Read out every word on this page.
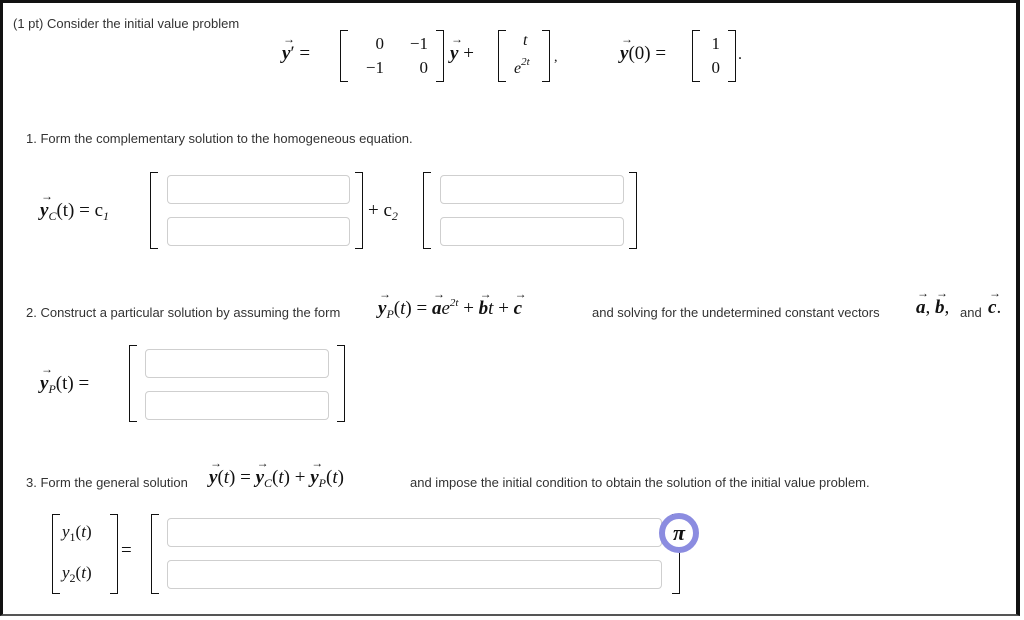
(1 pt) Consider the initial value problem
→ y′ =	0	−1
−1	0
→ y +
t
$e^{2t}$ ,	→ y(0) =	1
0
.
1. Form the complementary solution to the homogeneous equation.
→ $y_C(t) = c_1$	+ $c_2$
2. Construct a particular solution by assuming the form → $y_P(t)$ = → $ae^{2t}$ + → bt + → c	and solving for the undetermined constant vectors → a, → b, and → c.
→ $y_P(t)$ =
3. Form the general solution → y(t) = → $y_C(t)$ + → $y_P(t)$	and impose the initial condition to obtain the solution of the initial value problem.
$y_1(t)$
$y_2(t)$
=
π
